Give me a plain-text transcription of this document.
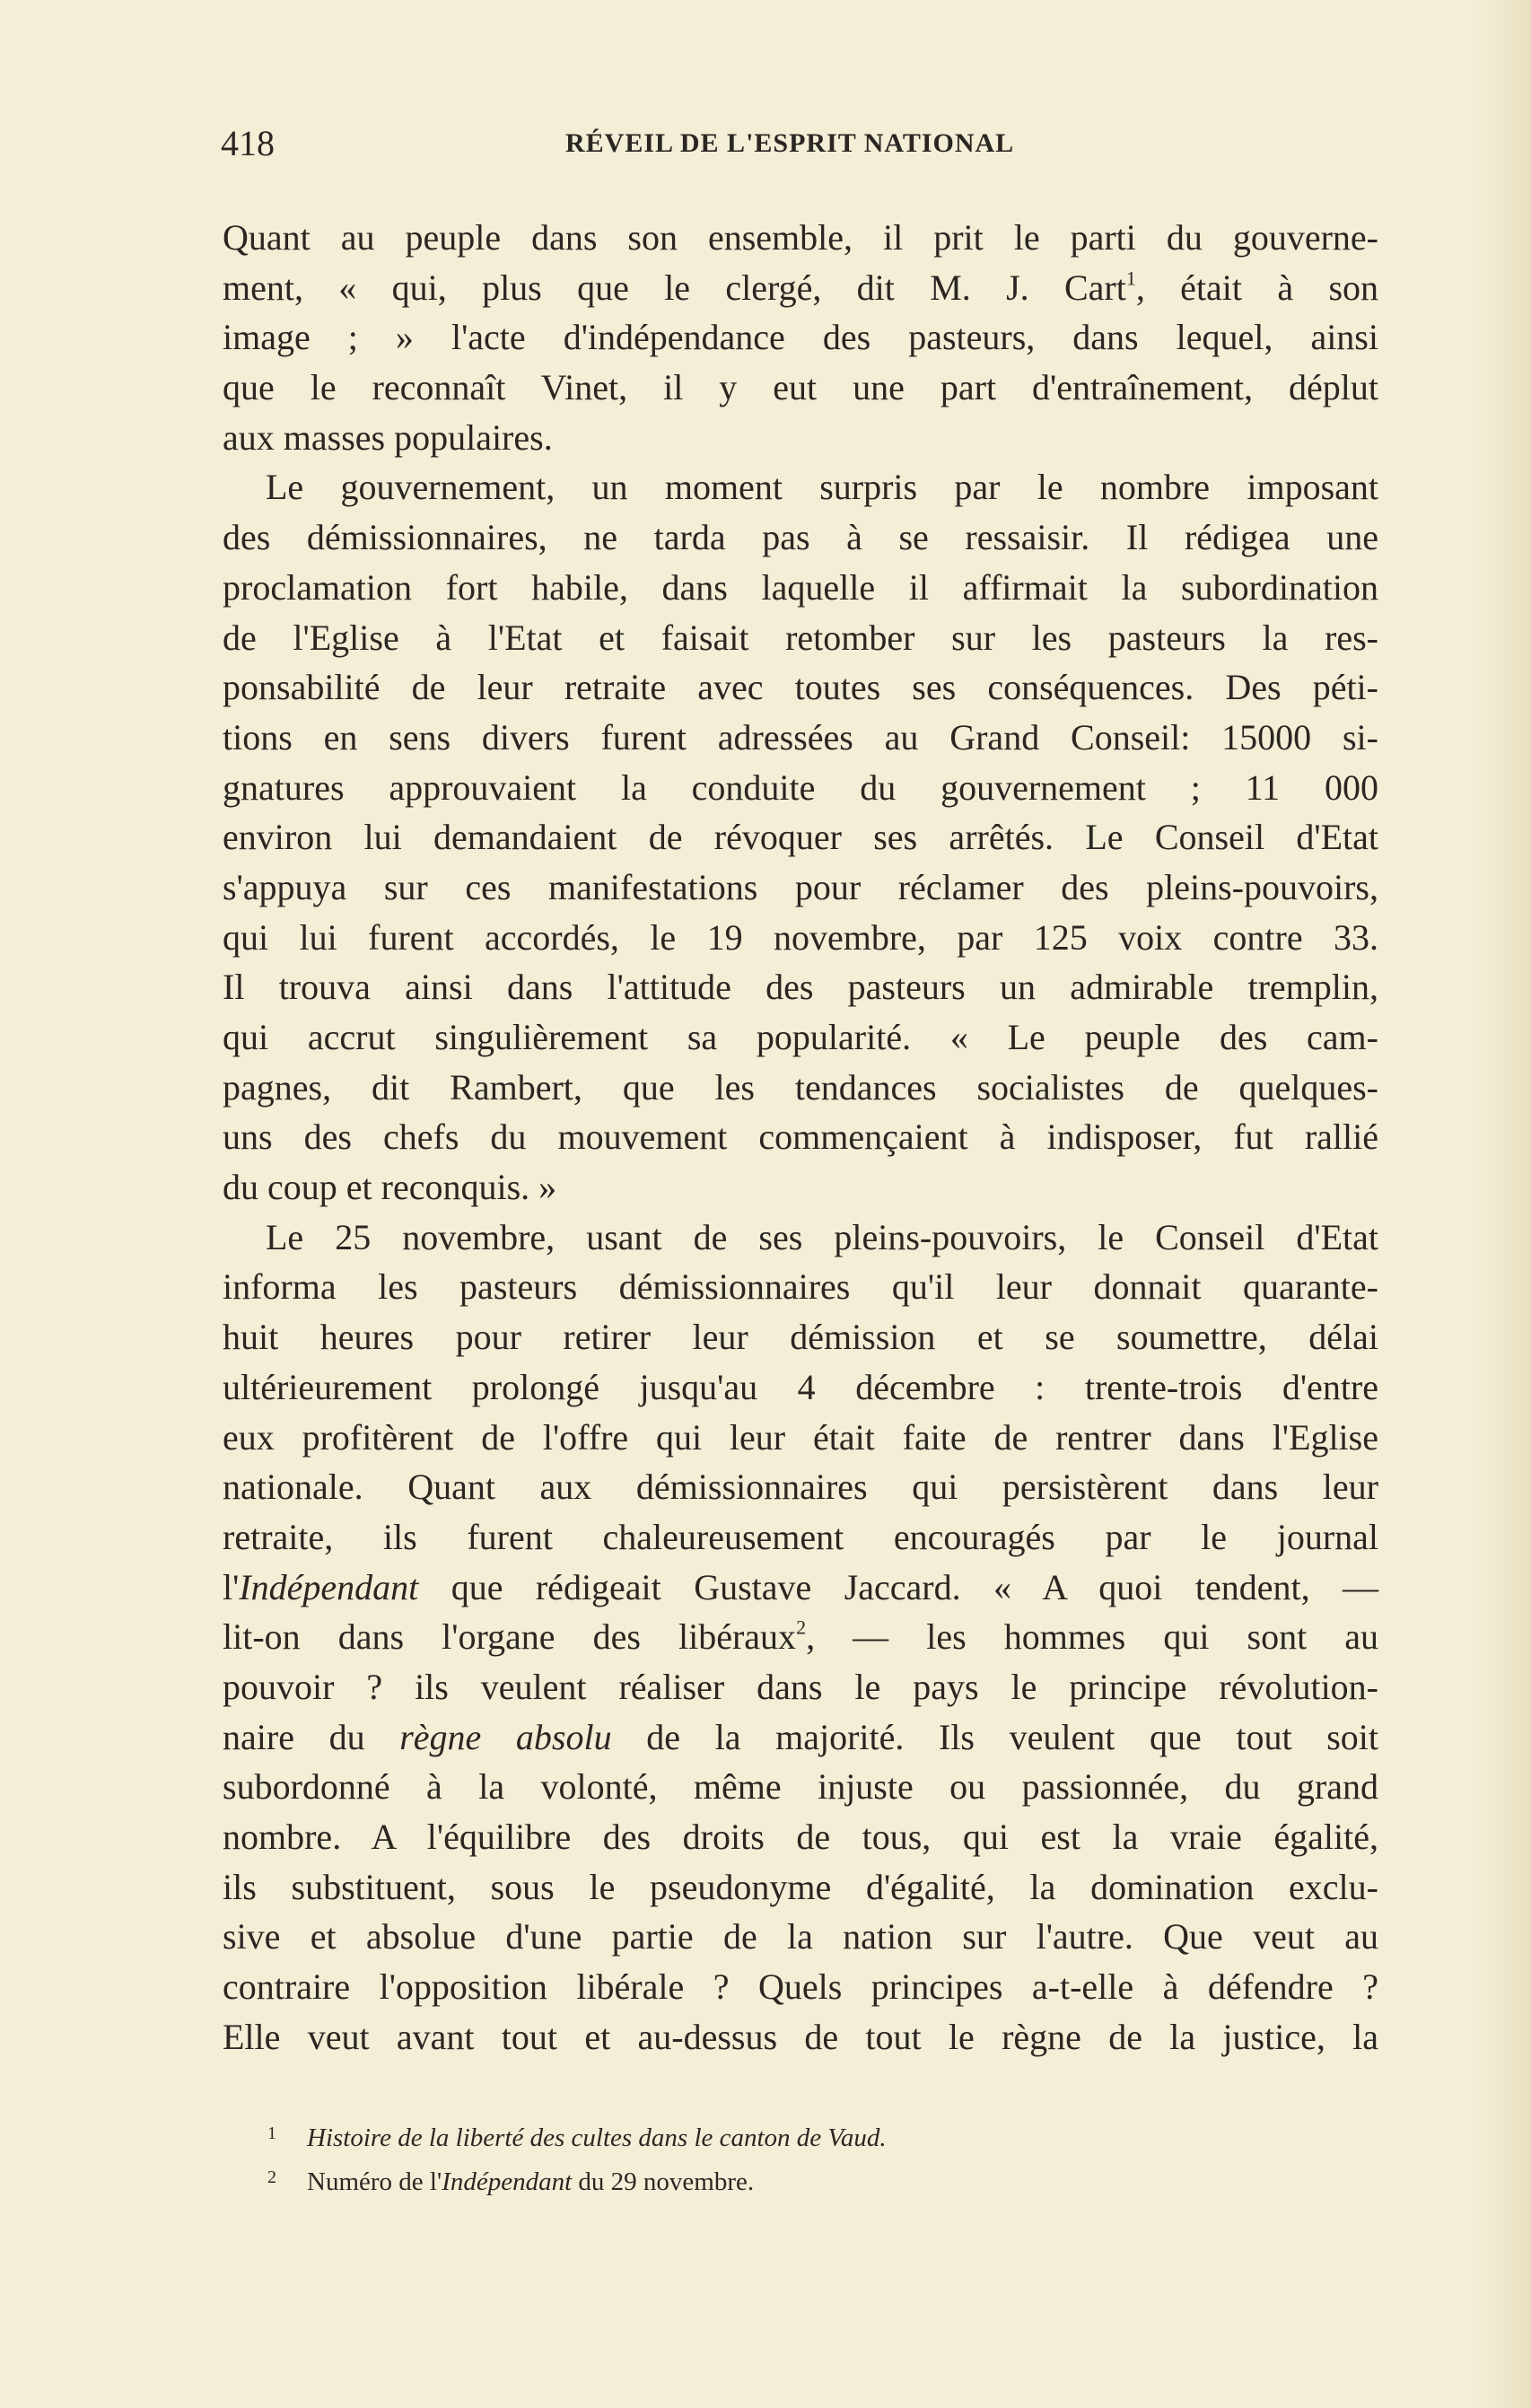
418	RÉVEIL DE L'ESPRIT NATIONAL
Quant au peuple dans son ensemble, il prit le parti du gouverne-
ment, « qui, plus que le clergé, dit M. J. Cart$^1$, était à son
image ; » l'acte d'indépendance des pasteurs, dans lequel, ainsi
que le reconnaît Vinet, il y eut une part d'entraînement, déplut
aux masses populaires.
Le gouvernement, un moment surpris par le nombre imposant
des démissionnaires, ne tarda pas à se ressaisir. Il rédigea une
proclamation fort habile, dans laquelle il affirmait la subordination
de l'Eglise à l'Etat et faisait retomber sur les pasteurs la res-
ponsabilité de leur retraite avec toutes ses conséquences. Des péti-
tions en sens divers furent adressées au Grand Conseil: 15000 si-
gnatures approuvaient la conduite du gouvernement ; 11 000
environ lui demandaient de révoquer ses arrêtés. Le Conseil d'Etat
s'appuya sur ces manifestations pour réclamer des pleins-pouvoirs,
qui lui furent accordés, le 19 novembre, par 125 voix contre 33.
Il trouva ainsi dans l'attitude des pasteurs un admirable tremplin,
qui accrut singulièrement sa popularité. « Le peuple des cam-
pagnes, dit Rambert, que les tendances socialistes de quelques-
uns des chefs du mouvement commençaient à indisposer, fut rallié
du coup et reconquis. »
Le 25 novembre, usant de ses pleins-pouvoirs, le Conseil d'Etat
informa les pasteurs démissionnaires qu'il leur donnait quarante-
huit heures pour retirer leur démission et se soumettre, délai
ultérieurement prolongé jusqu'au 4 décembre : trente-trois d'entre
eux profitèrent de l'offre qui leur était faite de rentrer dans l'Eglise
nationale. Quant aux démissionnaires qui persistèrent dans leur
retraite, ils furent chaleureusement encouragés par le journal
l'Indépendant que rédigeait Gustave Jaccard. « A quoi tendent, —
lit-on dans l'organe des libéraux$^2$, — les hommes qui sont au
pouvoir ? ils veulent réaliser dans le pays le principe révolution-
naire du règne absolu de la majorité. Ils veulent que tout soit
subordonné à la volonté, même injuste ou passionnée, du grand
nombre. A l'équilibre des droits de tous, qui est la vraie égalité,
ils substituent, sous le pseudonyme d'égalité, la domination exclu-
sive et absolue d'une partie de la nation sur l'autre. Que veut au
contraire l'opposition libérale ? Quels principes a-t-elle à défendre ?
Elle veut avant tout et au-dessus de tout le règne de la justice, la
1 Histoire de la liberté des cultes dans le canton de Vaud.
2 Numéro de l'Indépendant du 29 novembre.
